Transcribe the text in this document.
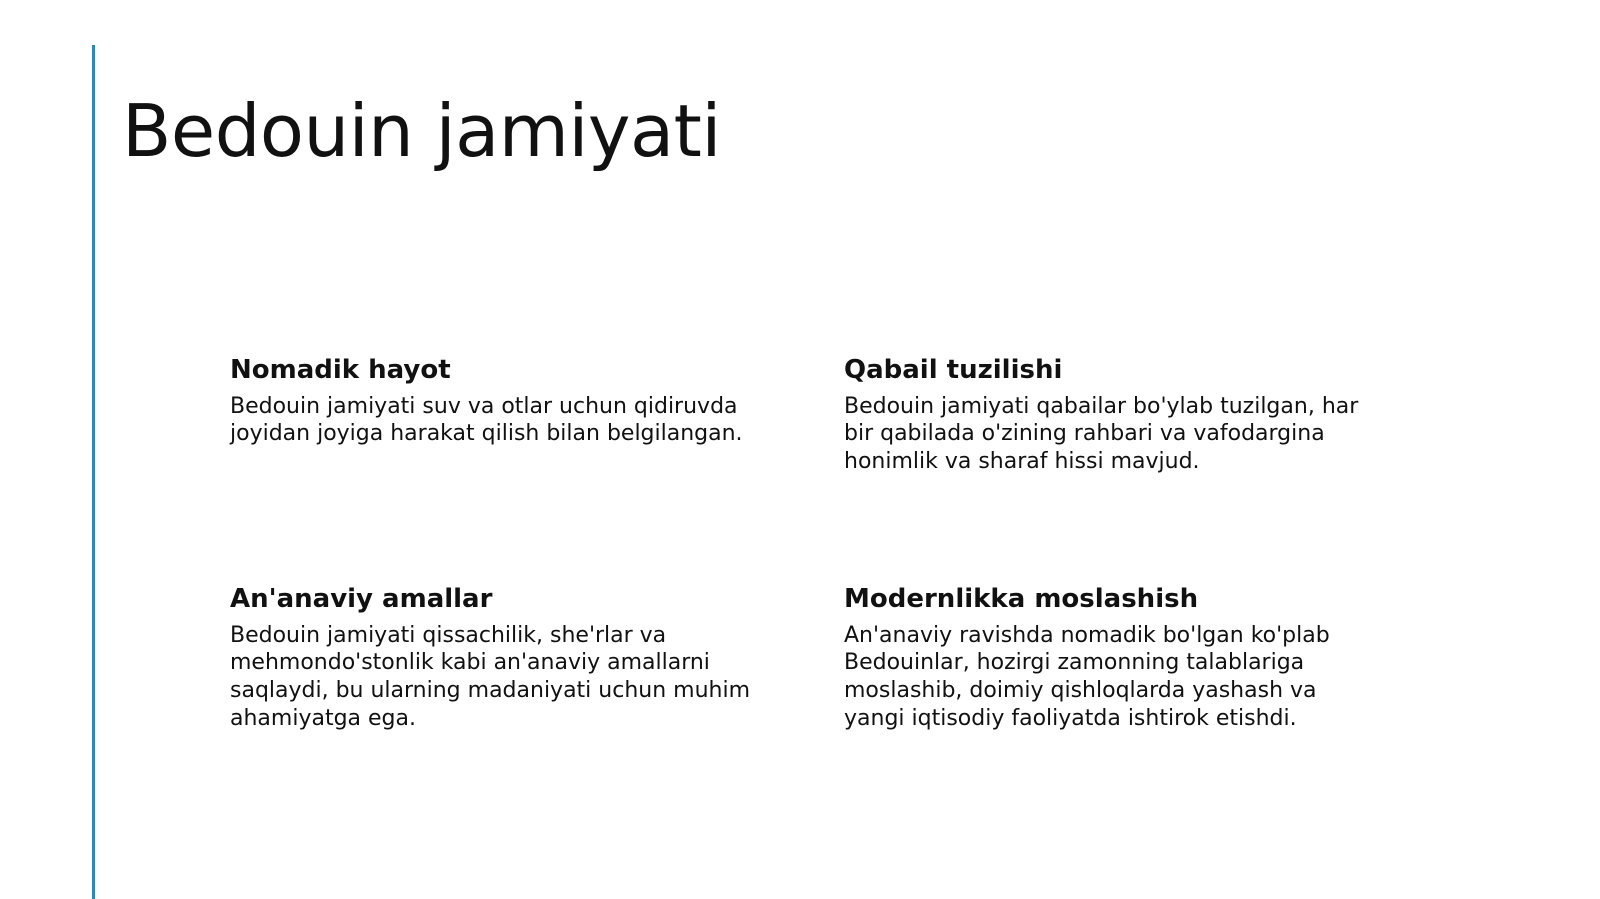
Bedouin jamiyati
Nomadik hayot

Bedouin jamiyati suv va otlar uchun qidiruvda joyidan joyiga harakat qilish bilan belgilangan.

Qabail tuzilishi

Bedouin jamiyati qabailar bo'ylab tuzilgan, har bir qabilada o'zining rahbari va vafodargina honimlik va sharaf hissi mavjud.

An'anaviy amallar

Bedouin jamiyati qissachilik, she'rlar va mehmondo'stonlik kabi an'anaviy amallarni saqlaydi, bu ularning madaniyati uchun muhim ahamiyatga ega.

Modernlikka moslashish

An'anaviy ravishda nomadik bo'lgan ko'plab Bedouinlar, hozirgi zamonning talablariga moslashib, doimiy qishloqlarda yashash va yangi iqtisodiy faoliyatda ishtirok etishdi.
